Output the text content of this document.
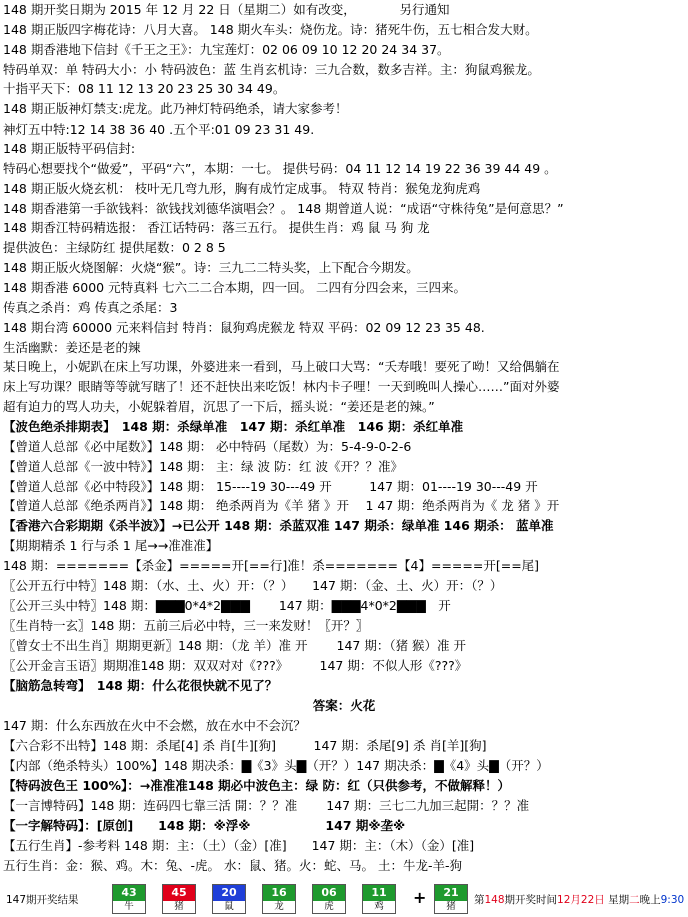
148 期开奖日期为 2015 年 12 月 22 日（星期二）如有改变，　　　　另行通知
148 期正版四字梅花诗：八月大喜。 148 期火车头：烧伤龙。诗：猪死牛伤，五七相合发大财。
148 期香港地下信封《千王之王》：九宝莲灯：02 06 09 10 12 20 24 34 37。
特码单双：单 特码大小：小 特码波色：蓝 生肖玄机诗：三九合数，数多吉祥。主：狗鼠鸡猴龙。
十指平天下：08 11 12 13 20 23 25 30 34 49。
148 期正版神灯禁支:虎龙。此乃神灯特码绝杀，请大家参考！
神灯五中特:12 14 38 36 40 .五个平:01 09 23 31 49.
148 期正版特平码信封:
特码心想要找个“做爱”，平码“六”，本期：一七。 提供号码：04 11 12 14 19 22 36 39 44 49 。
148 期正版火烧玄机： 枝叶无几弯九形，胸有成竹定成事。 特双 特肖：猴兔龙狗虎鸡
148 期香港第一手欲钱料：欲钱找刘德华演唱会？。 148 期曾道人说：“成语“守株待兔”是何意思？”
148 期香江特码精选报： 香江话特码：落三五行。 提供生肖：鸡 鼠 马 狗 龙
提供波色：主绿防红 提供尾数：0 2 8 5
148 期正版火烧图解：火烧“猴”。诗：三九二二特头奖，上下配合今期发。
148 期香港 6000 元特真料 七六二二合本期，四一回。 二四有分四会来，三四来。
传真之杀肖：鸡 传真之杀尾：3
148 期台湾 60000 元来料信封 特肖：鼠狗鸡虎猴龙 特双 平码：02 09 12 23 35 48.
生活幽默：姜还是老的辣
某日晚上，小妮趴在床上写功课，外婆进来一看到，马上破口大骂：“夭寿哦！要死了呦！又给偶躺在
床上写功课？眼睛等等就写瞎了！还不赶快出来吃饭！林内卡子哩！一天到晚叫人操心……”面对外婆
超有迫力的骂人功夫，小妮躲着眉，沉思了一下后，摇头说：“姜还是老的辣。”
【波色绝杀排期表】　148 期：杀绿单准　147 期：杀红单准　146 期：杀红单准
【曾道人总部《必中尾数》】148 期： 必中特码（尾数）为：5-4-9-0-2-6
【曾道人总部《一波中特》】148 期： 主：绿 波 防：红 波《开？？准》
【曾道人总部《必中特段》】148 期： 15----19 30---49 开　　　147 期：01----19 30---49 开
【曾道人总部《绝杀两肖》】148 期： 绝杀两肖为《羊 猪 》开　 1 47 期：绝杀两肖为《 龙 猪 》开
【香港六合彩期期《杀半波》】→已公开 148 期：杀蓝双准 147 期杀：绿单准 146 期杀： 蓝单准
【期期精杀 1 行与杀 1 尾→→准准准】
148 期：=======【杀金】=====开[==行]准！杀=======【4】=====开[==尾]
〖公开五行中特〗148 期：（水、土、火）开：（？）　　147 期：（金、土、火）开：（？）
〖公开三头中特〗148 期：▇▇▇0*4*2▇▇▇　　 147 期：▇▇▇4*0*2▇▇▇　开
〖生肖特一玄〗148 期：五前三后必中特，三一来发财！〖开？〗
〖曾女士不出生肖〗期期更新〗148 期：（龙 羊）准 开　　 147 期：（猪 猴）准 开
〖公开金言玉语〗期期准148 期：双双对对《???》　　　147 期：不似人形《???》
【脑筋急转弯】　148 期：什么花很快就不见了？
答案：火花
147 期：什么东西放在火中不会燃，放在水中不会沉？
【六合彩不出特】148 期：杀尾[4] 杀 肖[牛][狗]　　　147 期：杀尾[9] 杀 肖[羊][狗]
【内部（绝杀特头）100%】148 期决杀：▇《3》头▇（开？）147 期决杀：▇《4》头▇（开？）
【特码波色王 100%】：→准准准148 期必中波色主：绿 防：红（只供参考，不做解释！）
【一言博特码】148 期：连码四七靠三活 開：？？准　　 147 期：三七二九加三起開：？？准
【一字解特码】：[原创]　　148 期：※浮※　　　　　　147 期※垄※
【五行生肖】-参考料 148 期：主：（土）（金）[准]　　147 期：主：（木）（金）[准]
五行生肖：金：猴、鸡。木：兔、-虎。 水：鼠、猪。火：蛇、马。 土：牛龙-羊-狗
147期开奖结果
43
牛
45
猪
20
鼠
16
龙
06
虎
11
鸡	+	21
猪
第148期开奖时间12月22日 星期二晚上9:30
